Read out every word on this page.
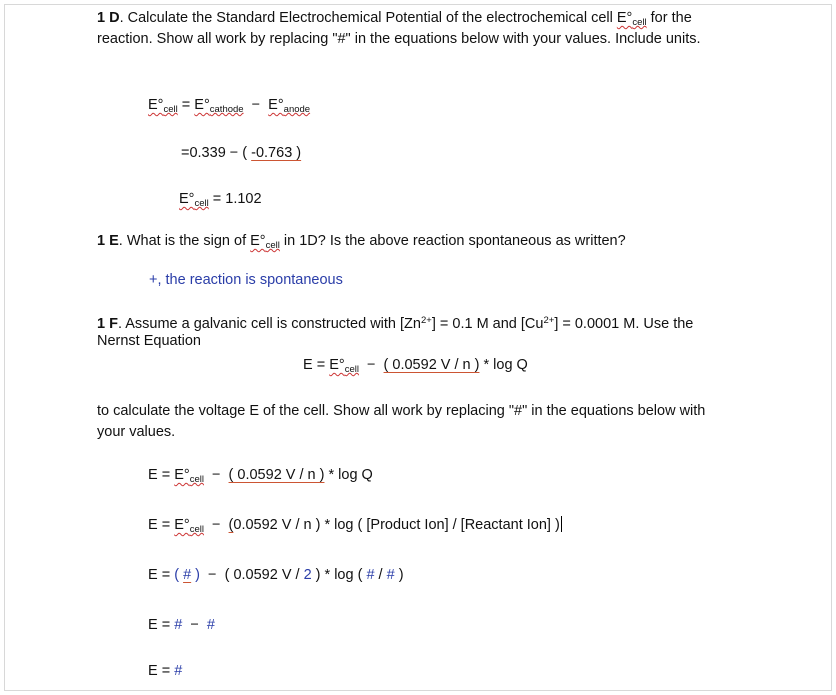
1 D. Calculate the Standard Electrochemical Potential of the electrochemical cell $E^\circ_{cell}$ for the
reaction. Show all work by replacing "#" in the equations below with your values. Include units.
$E^\circ_{cell} = E^\circ_{cathode} - E^\circ_{anode}$
=0.339 − ( -0.763 )
$E^\circ_{cell} = 1.102$
1 E. What is the sign of $E^\circ_{cell}$ in 1D? Is the above reaction spontaneous as written?
+, the reaction is spontaneous
1 F. Assume a galvanic cell is constructed with $[Zn^{2+}] = 0.1$ M and $[Cu^{2+}] = 0.0001$ M. Use the
Nernst Equation
$E = E^\circ_{cell}$  −  ( 0.0592 V / n ) * log Q
to calculate the voltage E of the cell. Show all work by replacing "#" in the equations below with
your values.
$E = E^\circ_{cell}$  −  ( 0.0592 V / n ) * log Q
$E = E^\circ_{cell} - (0.0592$ V / n ) * log ( [Product Ion] / [Reactant Ion] )
E = ( # )  −  ( 0.0592 V / 2 ) * log ( # / # )
E = #  −  #
E = #
